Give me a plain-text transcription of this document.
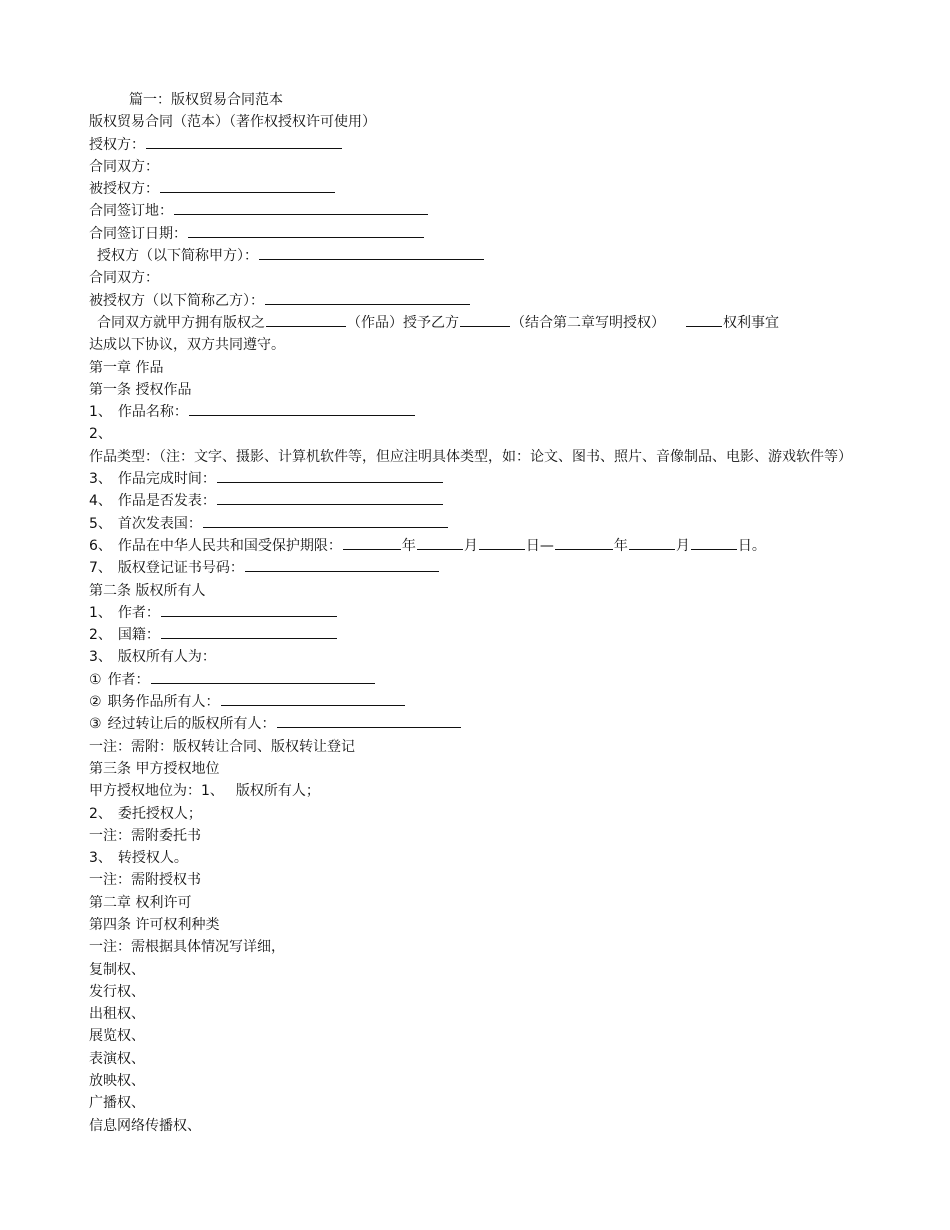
篇一：版权贸易合同范本
版权贸易合同（范本）（著作权授权许可使用）
授权方：
合同双方：
被授权方：
合同签订地：
合同签订日期：
授权方（以下简称甲方）：
合同双方：
被授权方（以下简称乙方）：
合同双方就甲方拥有版权之	（作品）授予乙方	（结合第二章写明授权）	权利事宜
达成以下协议，双方共同遵守。
第一章 作品
第一条 授权作品
1、 作品名称：
2、作品类型：（注：文字、摄影、计算机软件等，但应注明具体类型，如：论文、图书、照片、音像制品、电影、游戏软件等）
3、 作品完成时间：
4、 作品是否发表：
5、 首次发表国：
6、 作品在中华人民共和国受保护期限：	年	月	日—	年	月	日。
7、 版权登记证书号码：
第二条 版权所有人
1、 作者：
2、 国籍：
3、 版权所有人为：
① 作者：
② 职务作品所有人：
③ 经过转让后的版权所有人：
一注：需附：版权转让合同、版权转让登记
第三条 甲方授权地位
甲方授权地位为：1、 版权所有人；
2、 委托授权人；
一注：需附委托书
3、 转授权人。
一注：需附授权书
第二章 权利许可
第四条 许可权利种类
一注：需根据具体情况写详细，
复制权、
发行权、
出租权、
展览权、
表演权、
放映权、
广播权、
信息网络传播权、
